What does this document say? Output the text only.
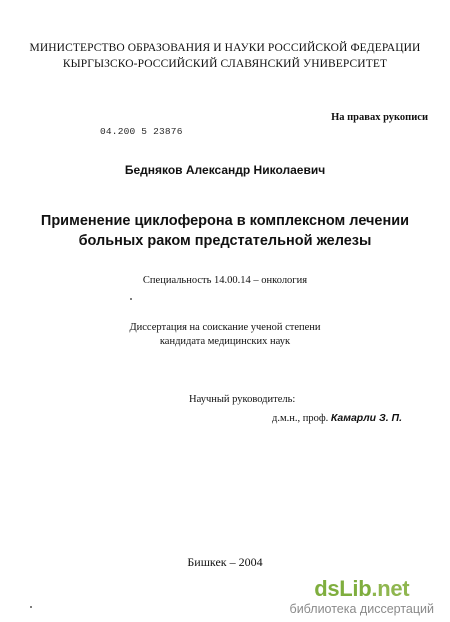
МИНИСТЕРСТВО ОБРАЗОВАНИЯ И НАУКИ РОССИЙСКОЙ ФЕДЕРАЦИИ
КЫРГЫЗСКО-РОССИЙСКИЙ СЛАВЯНСКИЙ УНИВЕРСИТЕТ
На правах рукописи
04.200 5 23876
Бедняков Александр Николаевич
Применение циклоферона в комплексном лечении
больных раком предстательной железы
Специальность 14.00.14 – онкология
Диссертация на соискание ученой степени
кандидата медицинских наук
Научный руководитель:
д.м.н., проф. Камарли З. П.
Бишкек – 2004
dsLib.net
библиотека диссертаций
